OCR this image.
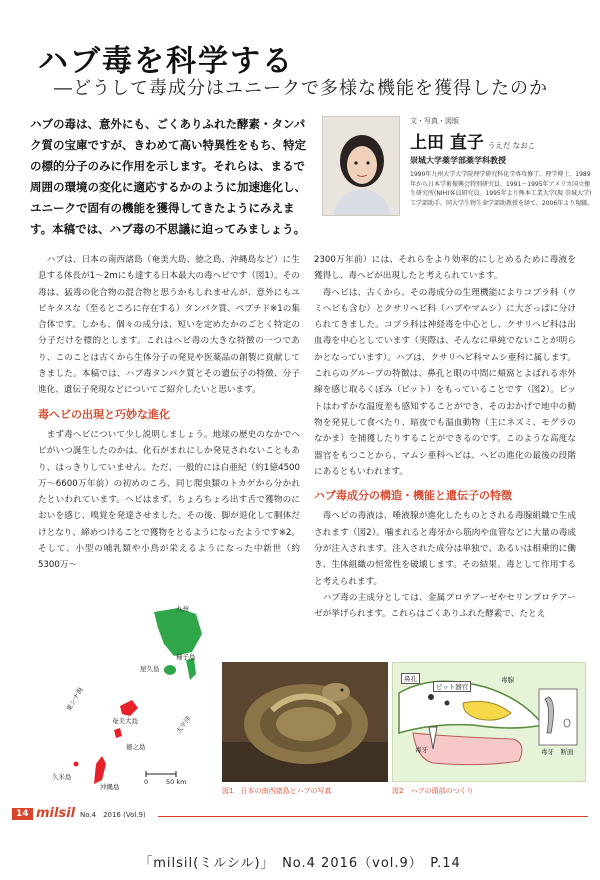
ハブ毒を科学する
―どうして毒成分はユニークで多様な機能を獲得したのか
ハブの毒は、意外にも、ごくありふれた酵素・タンパク質の宝庫ですが、きわめて高い特異性をもち、特定の標的分子のみに作用を示します。それらは、まるで周囲の環境の変化に適応するかのように加速進化し、ユニークで固有の機能を獲得してきたようにみえます。本稿では、ハブ毒の不思議に迫ってみましょう。
文・写真・図版
上田 直子 うえだ なおこ
崇城大学薬学部薬学科教授
1990年九州大学大学院理学研究科化学専攻修了。理学博士。1989年から日本学術振興会特別研究員、1991～1995年アメリカ国立衛生研究所(NIH)客員研究員。1995年より熊本工業大学(現 崇城大学)工学部助手。同大学生物生命学部助教授を経て、2006年より現職。

ハブは、日本の南西諸島（奄美大島、徳之島、沖縄島など）に生息する体長が1～2mにも達する日本最大の毒ヘビです（図1）。その毒は、猛毒の化合物の混合物と思うかもしれませんが、意外にもユビキタスな（至るところに存在する）タンパク質、ペプチド※1の集合体です。しかも、個々の成分は、短いを定めたかのごとく特定の分子だけを標的とします。これはヘビ毒の大きな特徴の一つであり、このことは古くから生体分子の発見や医薬品の創製に貢献してきました。本稿では、ハブ毒タンパク質とその遺伝子の特徴、分子進化、遺伝子発現などについてご紹介したいと思います。

毒ヘビの出現と巧妙な進化

まず毒ヘビについて少し説明しましょう。地球の歴史のなかでヘビがいつ誕生したのかは、化石がまれにしか発見されないこともあり、はっきりしていません。ただ、一般的には白亜紀（約1億4500万～6600万年前）の初めのころ、同じ爬虫類のトカゲから分かれたといわれています。ヘビはまず、ちょろちょろ出す舌で獲物のにおいを感じ、嗅覚を発達させました。その後、脚が退化して胴体だけとなり、締めつけることで獲物をとるようになったようです※2。そして、小型の哺乳類や小鳥が栄えるようになった中新世（約5300万～

2300万年前）には、それらをより効率的にしとめるために毒液を獲得し、毒ヘビが出現したと考えられています。

毒ヘビは、古くから、その毒成分の生理機能によりコブラ科（ウミヘビも含む）とクサリヘビ科（ハブやマムシ）に大ざっぱに分けられてきました。コブラ科は神経毒を中心とし、クサリヘビ科は出血毒を中心としています（実際は、そんなに単純でないことが明らかとなっています）。ハブは、クサリヘビ科マムシ亜科に属します。これらのグループの特徴は、鼻孔と眼の中間に頬窩とよばれる赤外線を感じ取るくぼみ（ピット）をもっていることです（図2）。ピットはわずかな温度差も感知することができ、そのおかげで地中の動物を発見して食べたり、暗夜でも温血動物（主にネズミ、モグラのなかま）を捕獲したりすることができるのです。このような高度な器官をもつことから、マムシ亜科ヘビは、ヘビの進化の最後の段階にあるともいわれます。

ハブ毒成分の構造・機能と遺伝子の特徴

毒ヘビの毒液は、唾液腺が進化したものとされる毒腺組織で生成されます（図2）。噛まれると毒牙から筋肉や血管などに大量の毒成分が注入されます。注入された成分は単独で、あるいは相乗的に働き、生体組織の恒常性を破壊します。その結果、毒として作用すると考えられます。

ハブ毒の主成分としては、金属プロテアーゼやセリンプロテアーゼが挙げられます。これらはごくありふれた酵素で、たとえ

九州
種子島
屋久島
東シナ海
太平洋
奄美大島
徳之島
久米島
沖縄島
0	50 km
図1　日本の南西諸島とハブの写真
鼻孔
ピット器官
毒腺
毒牙	毒牙　断面
図2　ハブの頭部のつくり
14 milsil No.4　2016 (Vol.9)
「milsil(ミルシル)」　No.4 2016（vol.9）　P.14
